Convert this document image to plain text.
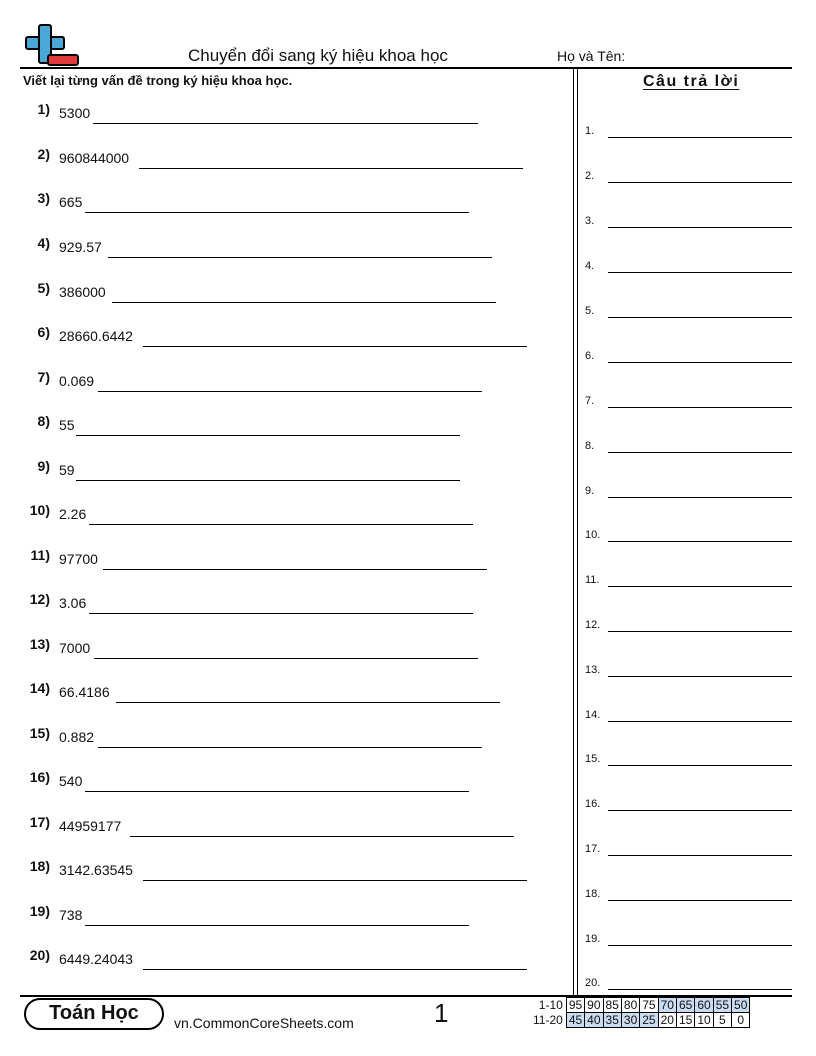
Chuyển đổi sang ký hiệu khoa học	Họ và Tên:
Viết lại từng vấn đề trong ký hiệu khoa học.
1) 5300
2) 960844000
3) 665
4) 929.57
5) 386000
6) 28660.6442
7) 0.069
8) 55
9) 59
10) 2.26
11) 97700
12) 3.06
13) 7000
14) 66.4186
15) 0.882
16) 540
17) 44959177
18) 3142.63545
19) 738
20) 6449.24043
Câu trả lời
1.
2.
3.
4.
5.
6.
7.
8.
9.
10.
11.
12.
13.
14.
15.
16.
17.
18.
19.
20.
Toán Học	vn.CommonCoreSheets.com	1	1-10	95	90	85	80	75	70	65	60	55	50
11-20	45	40	35	30	25	20	15	10	5	0
